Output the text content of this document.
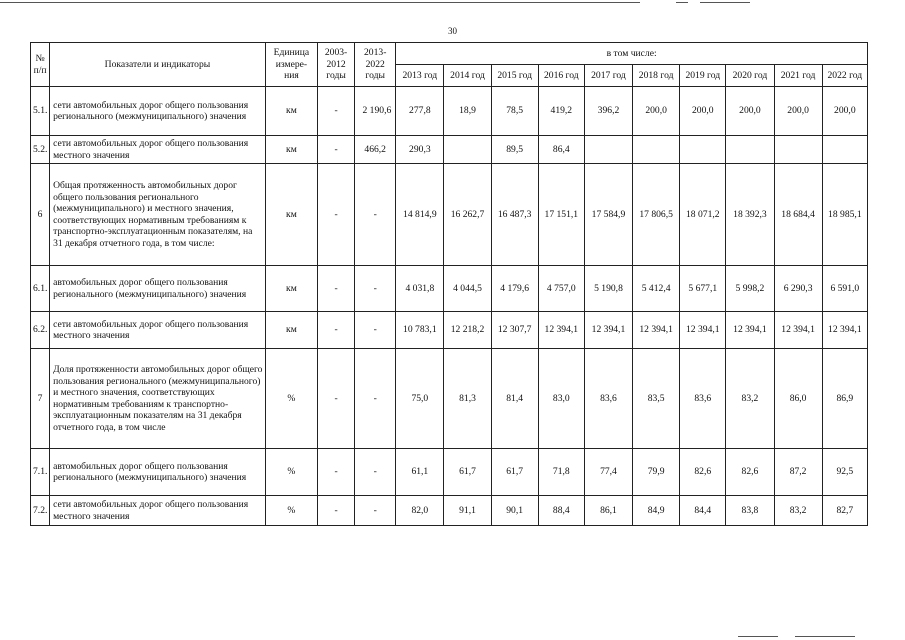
30
№
п/п	Показатели и индикаторы	Единица
измере-
ния	2003-
2012
годы	2013-
2022
годы	в том числе:									
					2013 год	2014 год	2015 год	2016 год	2017 год	2018 год	2019 год	2020 год	2021 год	2022 год
5.1.	сети автомобильных дорог общего пользования регионального (межмуниципального) значения	км	-	2 190,6	277,8	18,9	78,5	419,2	396,2	200,0	200,0	200,0	200,0	200,0
5.2.	сети автомобильных дорог общего пользования местного значения	км	-	466,2	290,3		89,5	86,4						
6	Общая протяженность автомобильных дорог общего пользования регионального (межмуниципального) и местного значения, соответствующих нормативным требованиям к транспортно-эксплуатационным показателям, на 31 декабря отчетного года, в том числе:	км	-	-	14 814,9	16 262,7	16 487,3	17 151,1	17 584,9	17 806,5	18 071,2	18 392,3	18 684,4	18 985,1
6.1.	автомобильных дорог общего пользования регионального (межмуниципального) значения	км	-	-	4 031,8	4 044,5	4 179,6	4 757,0	5 190,8	5 412,4	5 677,1	5 998,2	6 290,3	6 591,0
6.2.	сети автомобильных дорог общего пользования местного значения	км	-	-	10 783,1	12 218,2	12 307,7	12 394,1	12 394,1	12 394,1	12 394,1	12 394,1	12 394,1	12 394,1
7	Доля протяженности автомобильных дорог общего пользования регионального (межмуниципального) и местного значения, соответствующих нормативным требованиям к транспортно-эксплуатационным показателям на 31 декабря отчетного года, в том числе	%	-	-	75,0	81,3	81,4	83,0	83,6	83,5	83,6	83,2	86,0	86,9
7.1.	автомобильных дорог общего пользования регионального (межмуниципального) значения	%	-	-	61,1	61,7	61,7	71,8	77,4	79,9	82,6	82,6	87,2	92,5
7.2.	сети автомобильных дорог общего пользования местного значения	%	-	-	82,0	91,1	90,1	88,4	86,1	84,9	84,4	83,8	83,2	82,7
